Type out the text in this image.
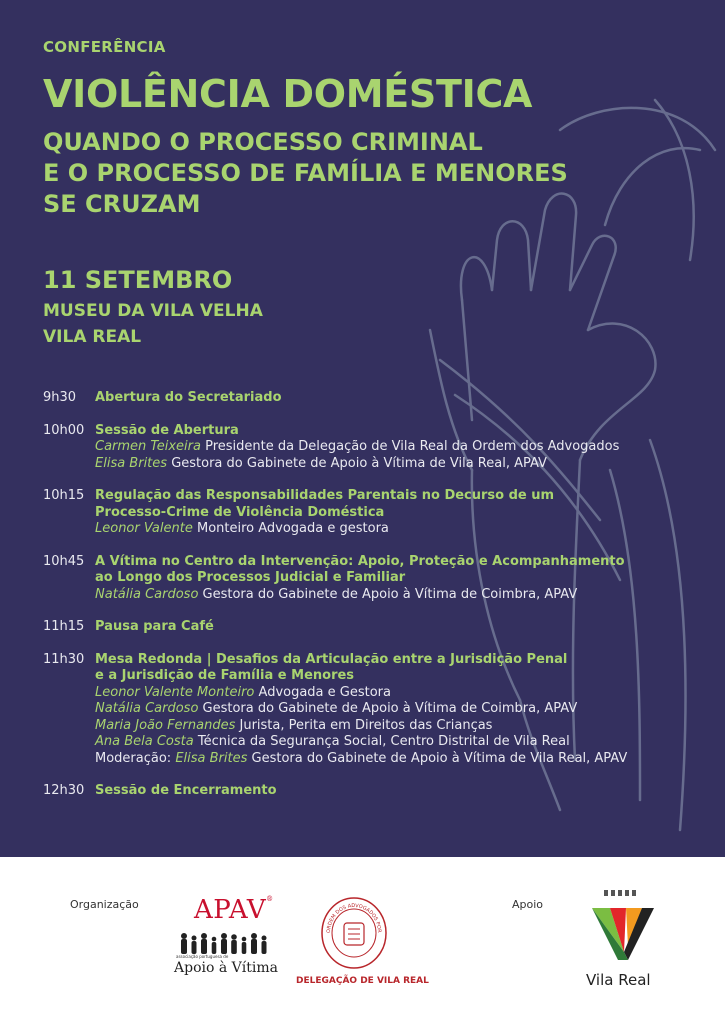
CONFERÊNCIA
VIOLÊNCIA DOMÉSTICA
QUANDO O PROCESSO CRIMINAL
E O PROCESSO DE FAMÍLIA E MENORES
SE CRUZAM
11 SETEMBRO
MUSEU DA VILA VELHA
VILA REAL
9h30	Abertura do Secretariado
10h00 Sessão de Abertura
Carmen Teixeira Presidente da Delegação de Vila Real da Ordem dos Advogados
Elisa Brites Gestora do Gabinete de Apoio à Vítima de Vila Real, APAV
10h15 Regulação das Responsabilidades Parentais no Decurso de um
Processo-Crime de Violência Doméstica
Leonor Valente Monteiro Advogada e gestora
10h45 A Vítima no Centro da Intervenção: Apoio, Proteção e Acompanhamento
ao Longo dos Processos Judicial e Familiar
Natália Cardoso Gestora do Gabinete de Apoio à Vítima de Coimbra, APAV
11h15 Pausa para Café
11h30 Mesa Redonda | Desafios da Articulação entre a Jurisdição Penal
e a Jurisdição de Família e Menores
Leonor Valente Monteiro Advogada e Gestora
Natália Cardoso Gestora do Gabinete de Apoio à Vítima de Coimbra, APAV
Maria João Fernandes Jurista, Perita em Direitos das Crianças
Ana Bela Costa Técnica da Segurança Social, Centro Distrital de Vila Real
Moderação: Elisa Brites Gestora do Gabinete de Apoio à Vítima de Vila Real, APAV
12h30 Sessão de Encerramento
Organização	Apoio
APAV®
associação portuguesa de
Apoio à Vítima
ORDEM DOS ADVOGADOS POR
DELEGAÇÃO DE VILA REAL	Vila Real
